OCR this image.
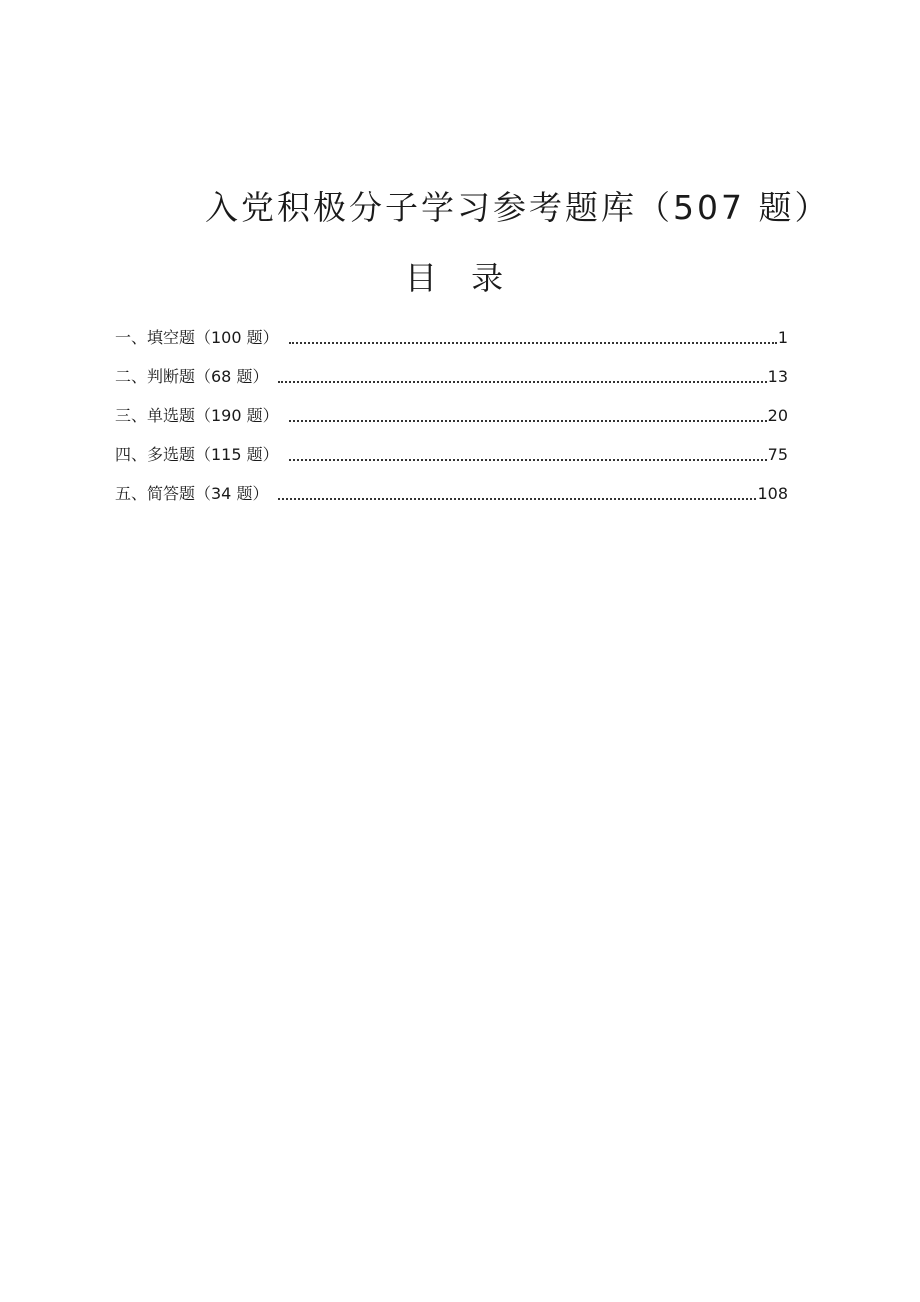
入党积极分子学习参考题库（507 题）
目 录
一、填空题（100 题）	1
二、判断题（68 题）	13
三、单选题（190 题）	20
四、多选题（115 题）	75
五、简答题（34 题）	108
